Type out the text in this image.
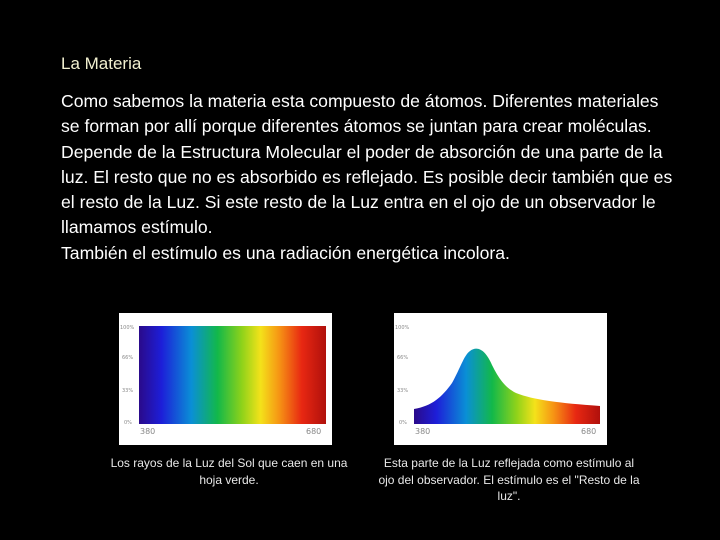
La Materia

Como sabemos la materia esta compuesto de átomos. Diferentes materiales se forman por allí porque diferentes átomos se juntan para crear moléculas. Depende de la Estructura Molecular el poder de absorción de una parte de la luz. El resto que no es absorbido es reflejado. Es posible decir también que es el resto de la Luz. Si este resto de la Luz entra en el ojo de un observador le llamamos estímulo.

También el estímulo es una radiación energética incolora.

100%
66%
33%
0%
380	680
Los rayos de la Luz del Sol que caen en una hoja verde.
100%
66%
33%
0%
380	680
Esta parte de la Luz reflejada como estímulo al ojo del observador. El estímulo es el "Resto de la luz".
